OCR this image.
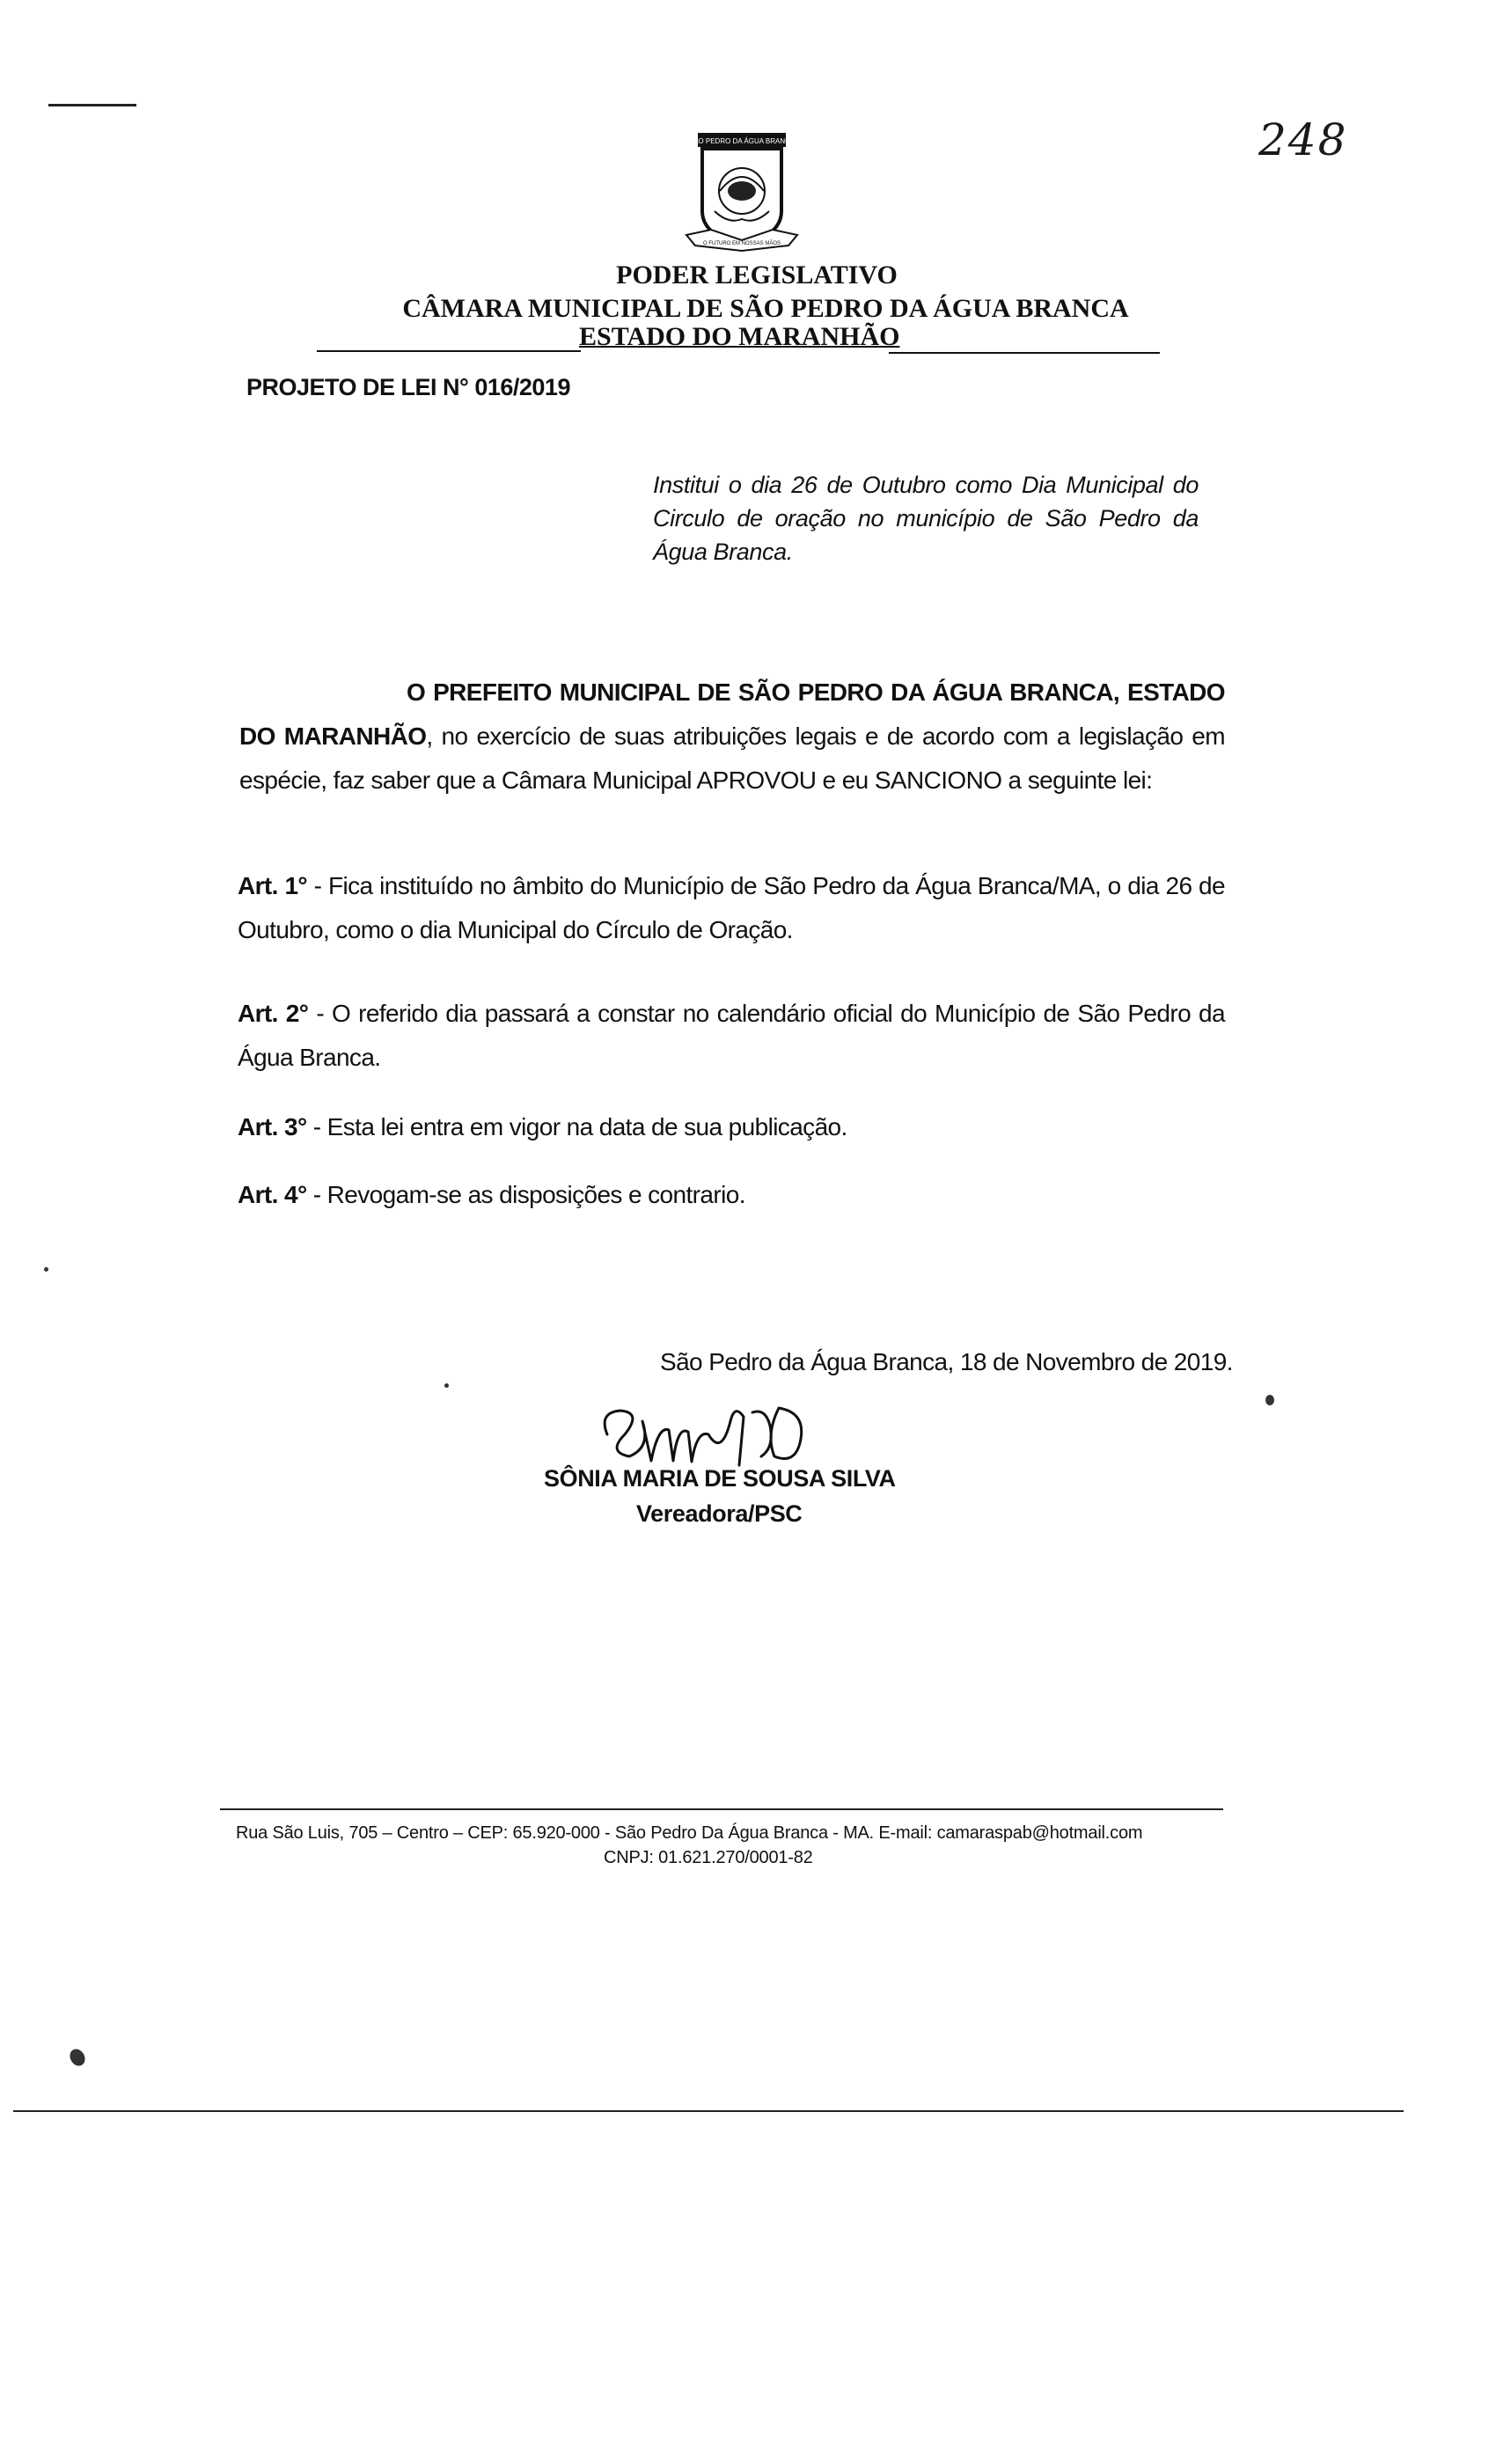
248
SÃO PEDRO DA ÁGUA BRANCA
O FUTURO EM NOSSAS MÃOS
PODER LEGISLATIVO
CÂMARA MUNICIPAL DE SÃO PEDRO DA ÁGUA BRANCA
ESTADO DO MARANHÃO
PROJETO DE LEI N° 016/2019
Institui o dia 26 de Outubro como Dia Municipal do Circulo de oração no município de São Pedro da Água Branca.
O PREFEITO MUNICIPAL DE SÃO PEDRO DA ÁGUA BRANCA, ESTADO DO MARANHÃO, no exercício de suas atribuições legais e de acordo com a legislação em espécie, faz saber que a Câmara Municipal APROVOU e eu SANCIONO a seguinte lei:
Art. 1° - Fica instituído no âmbito do Município de São Pedro da Água Branca/MA, o dia 26 de Outubro, como o dia Municipal do Círculo de Oração.
Art. 2° - O referido dia passará a constar no calendário oficial do Município de São Pedro da Água Branca.
Art. 3° - Esta lei entra em vigor na data de sua publicação.
Art. 4° - Revogam-se as disposições e contrario.
São Pedro da Água Branca, 18 de Novembro de 2019.
SÔNIA MARIA DE SOUSA SILVA
Vereadora/PSC
Rua São Luis, 705 – Centro – CEP: 65.920-000 - São Pedro Da Água Branca - MA. E-mail: camaraspab@hotmail.com
CNPJ: 01.621.270/0001-82
